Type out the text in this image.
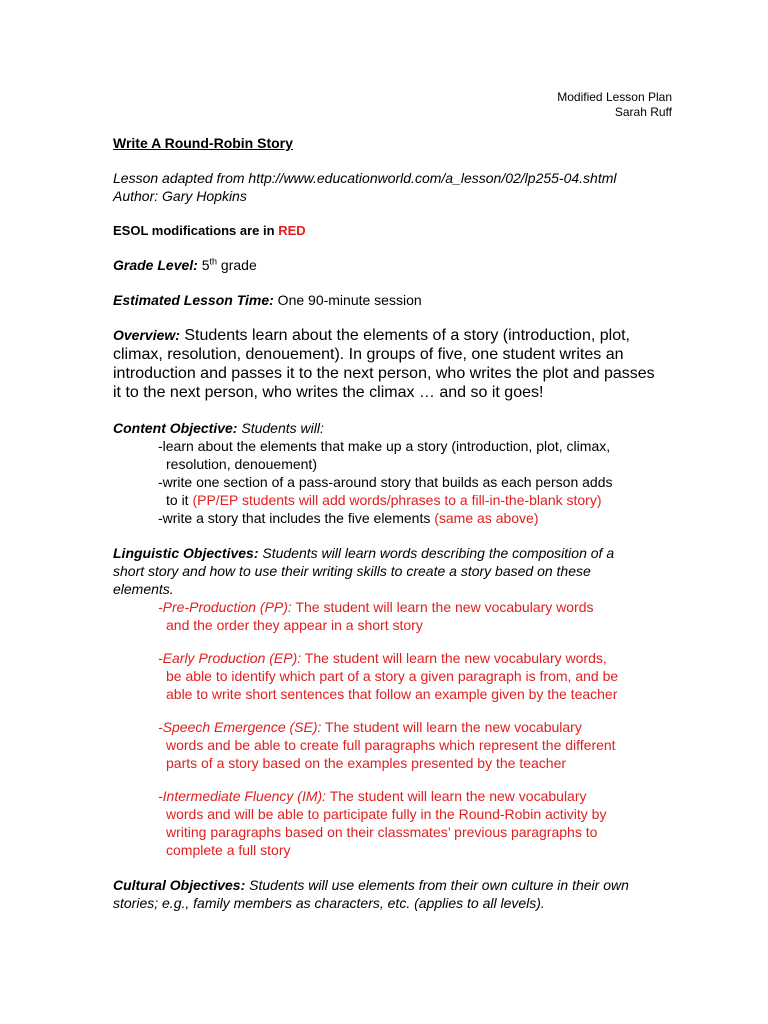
Modified Lesson Plan
Sarah Ruff

Write A Round-Robin Story

Lesson adapted from http://www.educationworld.com/a_lesson/02/lp255-04.shtml

Author: Gary Hopkins

ESOL modifications are in RED

Grade Level: 5th grade

Estimated Lesson Time: One 90-minute session

Overview: Students learn about the elements of a story (introduction, plot,

climax, resolution, denouement). In groups of five, one student writes an

introduction and passes it to the next person, who writes the plot and passes

it to the next person, who writes the climax … and so it goes!

Content Objective: Students will:

-learn about the elements that make up a story (introduction, plot, climax,

resolution, denouement)

-write one section of a pass-around story that builds as each person adds

to it (PP/EP students will add words/phrases to a fill-in-the-blank story)

-write a story that includes the five elements (same as above)

Linguistic Objectives: Students will learn words describing the composition of a

short story and how to use their writing skills to create a story based on these

elements.

-Pre-Production (PP): The student will learn the new vocabulary words

and the order they appear in a short story

-Early Production (EP): The student will learn the new vocabulary words,

be able to identify which part of a story a given paragraph is from, and be

able to write short sentences that follow an example given by the teacher

-Speech Emergence (SE): The student will learn the new vocabulary

words and be able to create full paragraphs which represent the different

parts of a story based on the examples presented by the teacher

-Intermediate Fluency (IM): The student will learn the new vocabulary

words and will be able to participate fully in the Round-Robin activity by

writing paragraphs based on their classmates’ previous paragraphs to

complete a full story

Cultural Objectives: Students will use elements from their own culture in their own

stories; e.g., family members as characters, etc. (applies to all levels).
